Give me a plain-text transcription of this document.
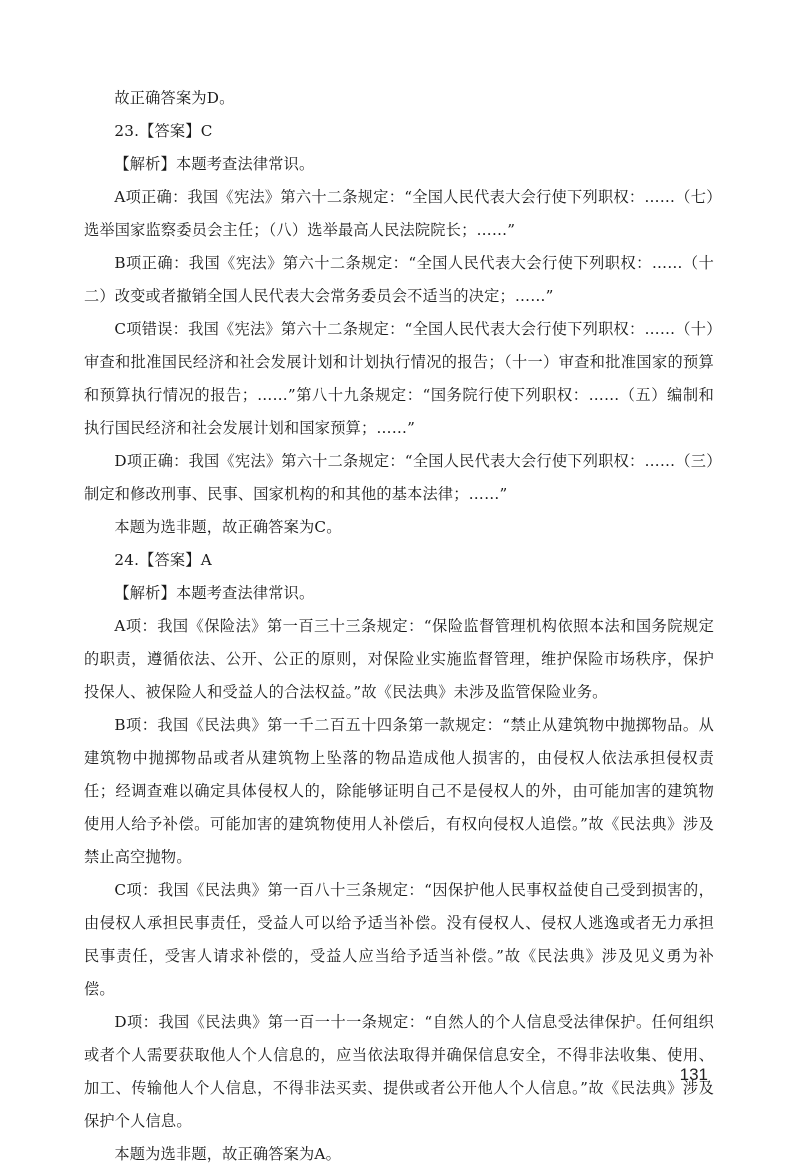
故正确答案为D。

23.【答案】C

【解析】本题考查法律常识。

A项正确：我国《宪法》第六十二条规定：“全国人民代表大会行使下列职权：……（七）选举国家监察委员会主任；（八）选举最高人民法院院长；……”

B项正确：我国《宪法》第六十二条规定：“全国人民代表大会行使下列职权：……（十二）改变或者撤销全国人民代表大会常务委员会不适当的决定；……”

C项错误：我国《宪法》第六十二条规定：“全国人民代表大会行使下列职权：……（十）审查和批准国民经济和社会发展计划和计划执行情况的报告；（十一）审查和批准国家的预算和预算执行情况的报告；……”第八十九条规定：“国务院行使下列职权：……（五）编制和执行国民经济和社会发展计划和国家预算；……”

D项正确：我国《宪法》第六十二条规定：“全国人民代表大会行使下列职权：……（三）制定和修改刑事、民事、国家机构的和其他的基本法律；……”

本题为选非题，故正确答案为C。

24.【答案】A

【解析】本题考查法律常识。

A项：我国《保险法》第一百三十三条规定：“保险监督管理机构依照本法和国务院规定的职责，遵循依法、公开、公正的原则，对保险业实施监督管理，维护保险市场秩序，保护投保人、被保险人和受益人的合法权益。”故《民法典》未涉及监管保险业务。

B项：我国《民法典》第一千二百五十四条第一款规定：“禁止从建筑物中抛掷物品。从建筑物中抛掷物品或者从建筑物上坠落的物品造成他人损害的，由侵权人依法承担侵权责任；经调查难以确定具体侵权人的，除能够证明自己不是侵权人的外，由可能加害的建筑物使用人给予补偿。可能加害的建筑物使用人补偿后，有权向侵权人追偿。”故《民法典》涉及禁止高空抛物。

C项：我国《民法典》第一百八十三条规定：“因保护他人民事权益使自己受到损害的，由侵权人承担民事责任，受益人可以给予适当补偿。没有侵权人、侵权人逃逸或者无力承担民事责任，受害人请求补偿的，受益人应当给予适当补偿。”故《民法典》涉及见义勇为补偿。

D项：我国《民法典》第一百一十一条规定：“自然人的个人信息受法律保护。任何组织或者个人需要获取他人个人信息的，应当依法取得并确保信息安全，不得非法收集、使用、加工、传输他人个人信息，不得非法买卖、提供或者公开他人个人信息。”故《民法典》涉及保护个人信息。

本题为选非题，故正确答案为A。

131
